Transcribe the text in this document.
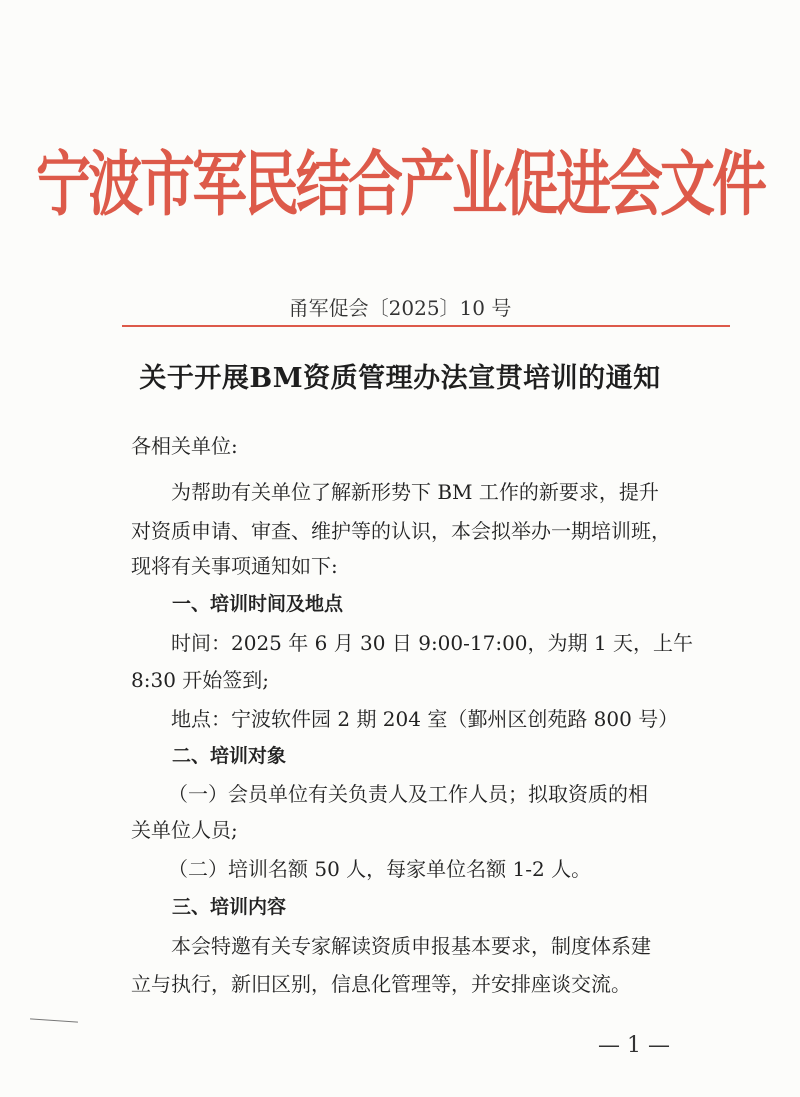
宁波市军民结合产业促进会文件
甬军促会〔2025〕10 号
关于开展BM资质管理办法宣贯培训的通知
各相关单位:
为帮助有关单位了解新形势下 BM 工作的新要求，提升
对资质申请、审查、维护等的认识，本会拟举办一期培训班，
现将有关事项通知如下:
一、培训时间及地点
时间：2025 年 6 月 30 日 9:00-17:00，为期 1 天，上午
8:30 开始签到;
地点：宁波软件园 2 期 204 室（鄞州区创苑路 800 号）
二、培训对象
（一）会员单位有关负责人及工作人员；拟取资质的相
关单位人员;
（二）培训名额 50 人，每家单位名额 1-2 人。
三、培训内容
本会特邀有关专家解读资质申报基本要求，制度体系建
立与执行，新旧区别，信息化管理等，并安排座谈交流。
— 1 —
